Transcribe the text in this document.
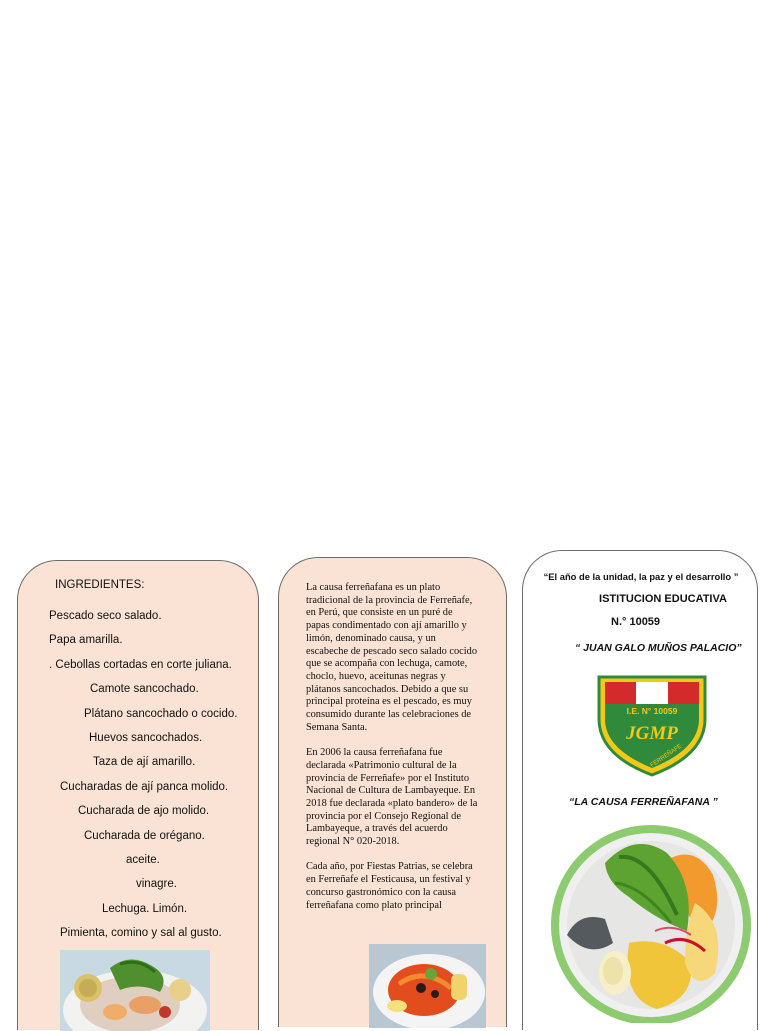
INGREDIENTES:
Pescado seco salado.
Papa amarilla.
. Cebollas cortadas en corte juliana.
Camote sancochado.
Plátano sancochado o cocido.
Huevos sancochados.
Taza de ají amarillo.
Cucharadas de ají panca molido.
Cucharada de ajo molido.
Cucharada de orégano.
aceite.
vinagre.
Lechuga. Limón.
Pimienta, comino y sal al gusto.

La causa ferreñafana es un plato tradicional de la provincia de Ferreñafe, en Perú, que consiste en un puré de papas condimentado con ají amarillo y limón, denominado causa, y un escabeche de pescado seco salado cocido que se acompaña con lechuga, camote, choclo, huevo, aceitunas negras y plátanos sancochados. Debido a que su principal proteína es el pescado, es muy consumido durante las celebraciones de Semana Santa.

En 2006 la causa ferreñafana fue declarada «Patrimonio cultural de la provincia de Ferreñafe» por el Instituto Nacional de Cultura de Lambayeque. En 2018 fue declarada «plato bandero» de la provincia por el Consejo Regional de Lambayeque, a través del acuerdo regional N° 020-2018.

Cada año, por Fiestas Patrias, se celebra en Ferreñafe el Festicausa, un festival y concurso gastronómico con la causa ferreñafana como plato principal

“El año de la unidad, la paz y el desarrollo ”
ISTITUCION EDUCATIVA
N.° 10059
“ JUAN GALO MUÑOS PALACIO”
I.E. N° 10059
JGMP
FERREÑAFE
“LA CAUSA FERREÑAFANA ”
